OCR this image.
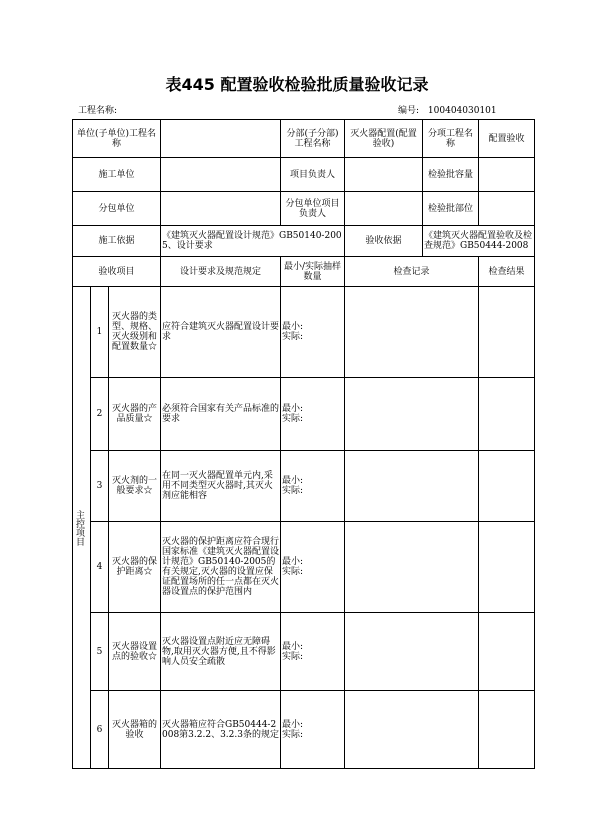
表445 配置验收检验批质量验收记录
工程名称:	编号: 100404030101
单位(子单位)工程名称				分部(子分部)工程名称	灭火器配置(配置验收)	分项工程名称	配置验收
施工单位				项目负责人		检验批容量	
分包单位				分包单位项目负责人		检验批部位	
施工依据			《建筑灭火器配置设计规范》GB50140-2005、设计要求		验收依据	《建筑灭火器配置验收及检查规范》GB50444-2008	
验收项目			设计要求及规范规定	最小/实际抽样数量	检查记录		检查结果

主控项目	1	灭火器的类型、规格、灭火级别和配置数量☆	应符合建筑灭火器配置设计要求	最小:
实际:			

	2	灭火器的产品质量☆	必须符合国家有关产品标准的要求	最小:
实际:			

	3	灭火剂的一般要求☆	在同一灭火器配置单元内,采用不同类型灭火器时,其灭火剂应能相容	最小:
实际:			

	4	灭火器的保护距离☆	灭火器的保护距离应符合现行国家标准《建筑灭火器配置设计规范》GB50140-2005的有关规定,灭火器的设置应保证配置场所的任一点都在灭火器设置点的保护范围内	最小:
实际:			

	5	灭火器设置点的验收☆	灭火器设置点附近应无障碍物,取用灭火器方便,且不得影响人员安全疏散	最小:
实际:			

	6	灭火器箱的验收	灭火器箱应符合GB50444-2008第3.2.2、3.2.3条的规定	最小:
实际:			
